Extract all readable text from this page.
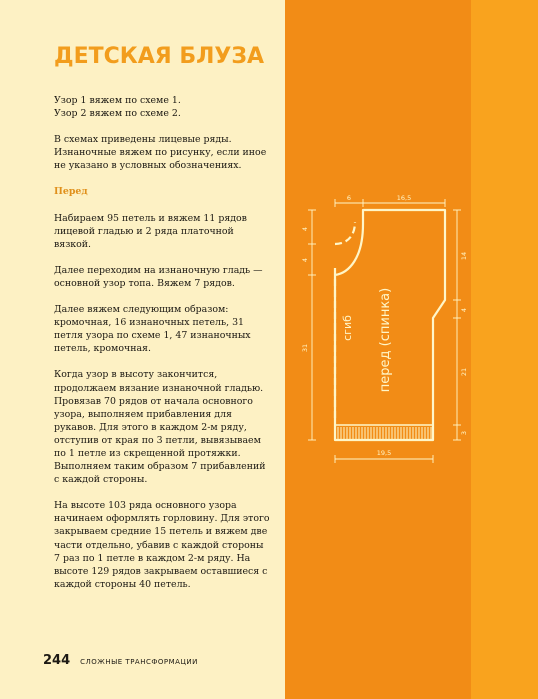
ДЕТСКАЯ БЛУЗА

Узор 1 вяжем по схеме 1.

Узор 2 вяжем по схеме 2.

В схемах приведены лицевые ряды. Изнаночные вяжем по рисунку, если иное не указано в условных обозначениях.

Перед

Набираем 95 петель и вяжем 11 рядов лицевой гладью и 2 ряда платочной вязкой.

Далее переходим на изнаночную гладь — основной узор топа. Вяжем 7 рядов.

Далее вяжем следующим образом: кромочная, 16 изнаночных петель, 31 петля узора по схеме 1, 47 изнаночных петель, кромочная.

Когда узор в высоту закончится, продолжаем вязание изнаночной гладью. Провязав 70 рядов от начала основного узора, выполняем прибавления для рукавов. Для этого в каждом 2-м ряду, отступив от края по 3 петли, вывязываем по 1 петле из скрещенной протяжки. Выполняем таким образом 7 прибавлений с каждой стороны.

На высоте 103 ряда основного узора начинаем оформлять горловину. Для этого закрываем средние 15 петель и вяжем две части отдельно, убавив с каждой стороны 7 раз по 1 петле в каждом 2-м ряду. На высоте 129 рядов закрываем оставшиеся с каждой стороны 40 петель.

6	16,5
4
4
31
14
4
21
3
19,5
сгиб перед (спинка)
244 СЛОЖНЫЕ ТРАНСФОРМАЦИИ
